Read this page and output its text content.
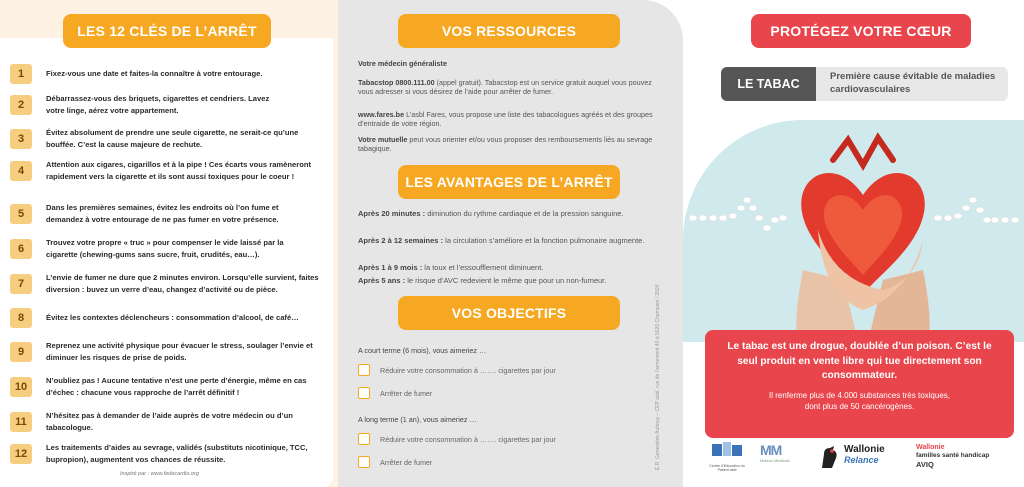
LES 12 CLÉS DE L’ARRÊT
1	Fixez-vous une date et faites-la connaître à votre entourage.
2	Débarrassez-vous des briquets, cigarettes et cendriers. Lavez votre linge, aérez votre appartement.
3	Évitez absolument de prendre une seule cigarette, ne serait-ce qu’une bouffée. C’est la cause majeure de rechute.
4	Attention aux cigares, cigarillos et à la pipe ! Ces écarts vous ramèneront rapidement vers la cigarette et ils sont aussi toxiques pour le coeur !
5	Dans les premières semaines, évitez les endroits où l’on fume et demandez à votre entourage de ne pas fumer en votre présence.
6	Trouvez votre propre « truc » pour compenser le vide laissé par la cigarette (chewing-gums sans sucre, fruit, crudités, eau…).
7	L’envie de fumer ne dure que 2 minutes environ. Lorsqu’elle survient, faites diversion : buvez un verre d’eau, changez d’activité ou de pièce.
8	Évitez les contextes déclencheurs : consommation d’alcool, de café…
9	Reprenez une activité physique pour évacuer le stress, soulager l’envie et diminuer les risques de prise de poids.
10	N’oubliez pas ! Aucune tentative n’est une perte d’énergie, même en cas d’échec : chacune vous rapproche de l’arrêt définitif !
11	N’hésitez pas à demander de l’aide auprès de votre médecin ou d’un tabacologue.
12	Les traitements d’aides au sevrage, validés (substituts nicotinique, TCC, bupropion), augmentent vos chances de réussite.
Inspiré par : www.fedecardio.org
VOS RESSOURCES
Votre médecin généraliste
Tabacstop 0800.111.00 (appel gratuit). Tabacstop est un service gratuit auquel vous pouvez vous adresser si vous désirez de l’aide pour arrêter de fumer.
www.fares.be L’asbl Fares, vous propose une liste des tabacologues agréés et des groupes d’entraide de votre région.
Votre mutuelle peut vous orienter et/ou vous proposer des remboursements liés au sevrage tabagique.
LES AVANTAGES DE L’ARRÊT
Après 20 minutes : diminution du rythme cardiaque et de la pression sanguine.
Après 2 à 12 semaines : la circulation s’améliore et la fonction pulmonaire augmente.
Après 1 à 9 mois : la toux et l’essoufflement diminuent.
Après 5 ans : le risque d’AVC redevient le même que pour un non-fumeur.
VOS OBJECTIFS
A court terme (6 mois), vous aimeriez …
Réduire votre consommation à ……. cigarettes par jour
Arrêter de fumer
A long terme (1 an), vous aimeriez …
Réduire votre consommation à ……. cigarettes par jour
Arrêter de fumer	É.R. Geneviève Aubouy – CEP asbl, rue de l’armement 40 à 5020 Champion / 2024
PROTÉGEZ VOTRE CŒUR
LE TABAC
Première cause évitable de maladies cardiovasculaires
Le tabac est une drogue, doublée d’un poison. C’est le seul produit en vente libre qui tue directement son consommateur.
Il renferme plus de 4.000 substances très toxiques, dont plus de 50 cancérogènes.
Centre d'Education du Patient asbl
MM
Maison Médicale
Wallonie
Relance
Wallonie
familles santé handicap
AVIQ
